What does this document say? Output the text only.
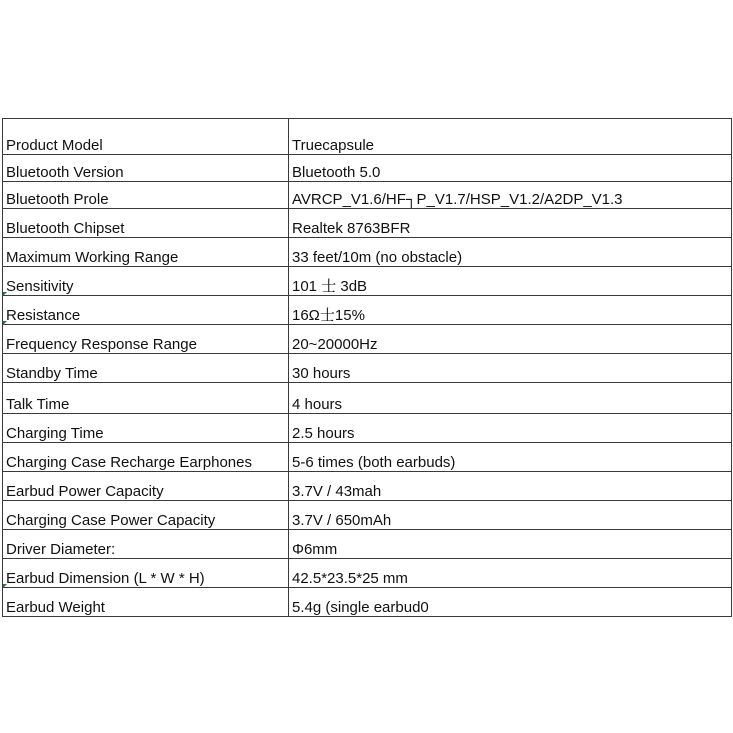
Product Model	Truecapsule
Bluetooth Version	Bluetooth 5.0
Bluetooth Prole	AVRCP_V1.6/HF┐P_V1.7/HSP_V1.2/A2DP_V1.3
Bluetooth Chipset	Realtek 8763BFR
Maximum Working Range	33 feet/10m (no obstacle)
Sensitivity	101 士 3dB
Resistance	16Ω士15%
Frequency Response Range	20~20000Hz
Standby Time	30 hours
Talk Time	4 hours
Charging Time	2.5 hours
Charging Case Recharge Earphones	5-6 times (both earbuds)
Earbud Power Capacity	3.7V / 43mah
Charging Case Power Capacity	3.7V / 650mAh
Driver Diameter:	Φ6mm
Earbud Dimension (L * W * H)	42.5*23.5*25 mm
Earbud Weight	5.4g (single earbud0
